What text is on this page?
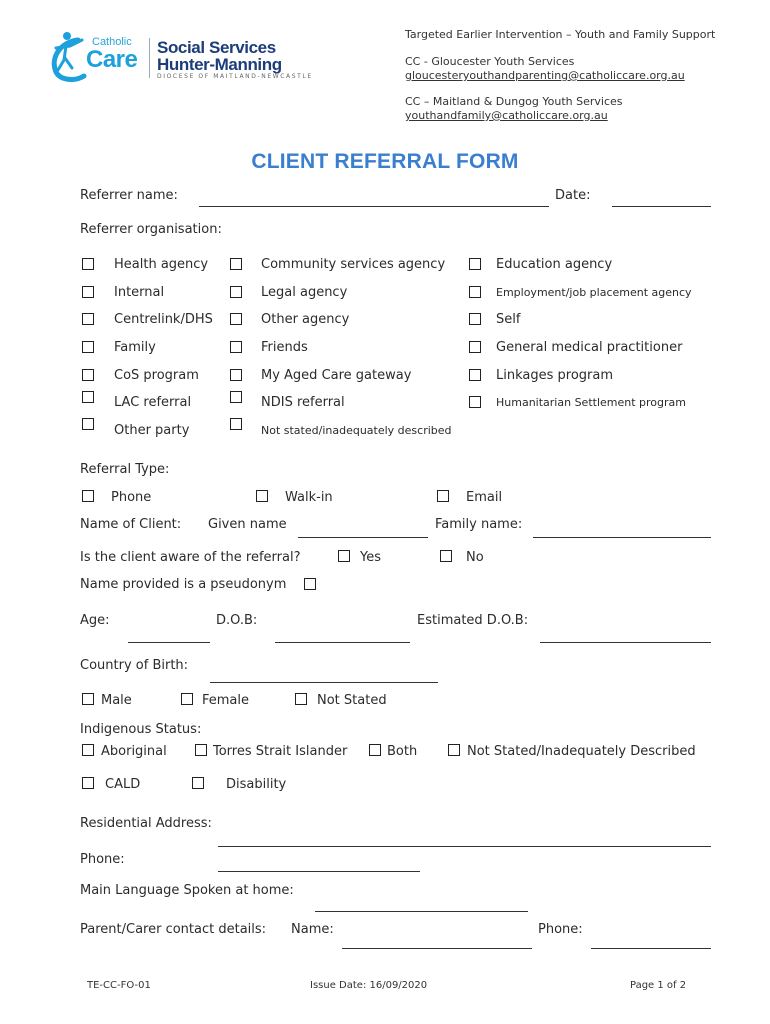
Catholic
Care Social Services
Hunter-Manning
DIOCESE OF MAITLAND-NEWCASTLE
Targeted Earlier Intervention – Youth and Family Support
CC - Gloucester Youth Services
gloucesteryouthandparenting@catholiccare.org.au
CC – Maitland & Dungog Youth Services
youthandfamily@catholiccare.org.au
CLIENT REFERRAL FORM
Referrer name:	Date:
Referrer organisation:
Health agency	Community services agency	Education agency
Internal	Legal agency	Employment/job placement agency
Centrelink/DHS	Other agency	Self
Family	Friends	General medical practitioner
CoS program	My Aged Care gateway	Linkages program
LAC referral	NDIS referral	Humanitarian Settlement program
Other party	Not stated/inadequately described
Referral Type:
Phone	Walk-in	Email
Name of Client: Given name	Family name:
Is the client aware of the referral?	Yes	No
Name provided is a pseudonym
Age:	D.O.B:	Estimated D.O.B:
Country of Birth:
Male	Female	Not Stated
Indigenous Status:
Aboriginal	Torres Strait Islander	Both	Not Stated/Inadequately Described
CALD	Disability
Residential Address:
Phone:
Main Language Spoken at home:
Parent/Carer contact details: Name:	Phone:
TE-CC-FO-01	Issue Date: 16/09/2020	Page 1 of 2
